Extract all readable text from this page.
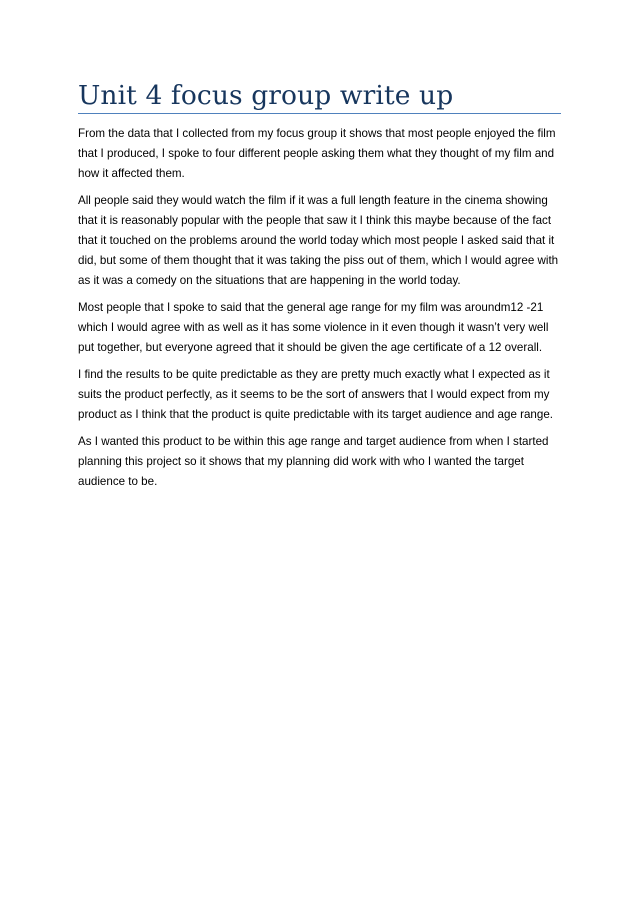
Unit 4 focus group write up

From the data that I collected from my focus group it shows that most people enjoyed the film that I produced, I spoke to four different people asking them what they thought of my film and how it affected them.

All people said they would watch the film if it was a full length feature in the cinema showing that it is reasonably popular with the people that saw it I think this maybe because of the fact that it touched on the problems around the world today which most people I asked said that it did, but some of them thought that it was taking the piss out of them, which I would agree with as it was a comedy on the situations that are happening in the world today.

Most people that I spoke to said that the general age range for my film was aroundm12 -21 which I would agree with as well as it has some violence in it even though it wasn’t very well put together, but everyone agreed that it should be given the age certificate of a 12 overall.

I find the results to be quite predictable as they are pretty much exactly what I expected as it suits the product perfectly, as it seems to be the sort of answers that I would expect from my product as I think that the product is quite predictable with its target audience and age range.

As I wanted this product to be within this age range and target audience from when I started planning this project so it shows that my planning did work with who I wanted the target audience to be.
